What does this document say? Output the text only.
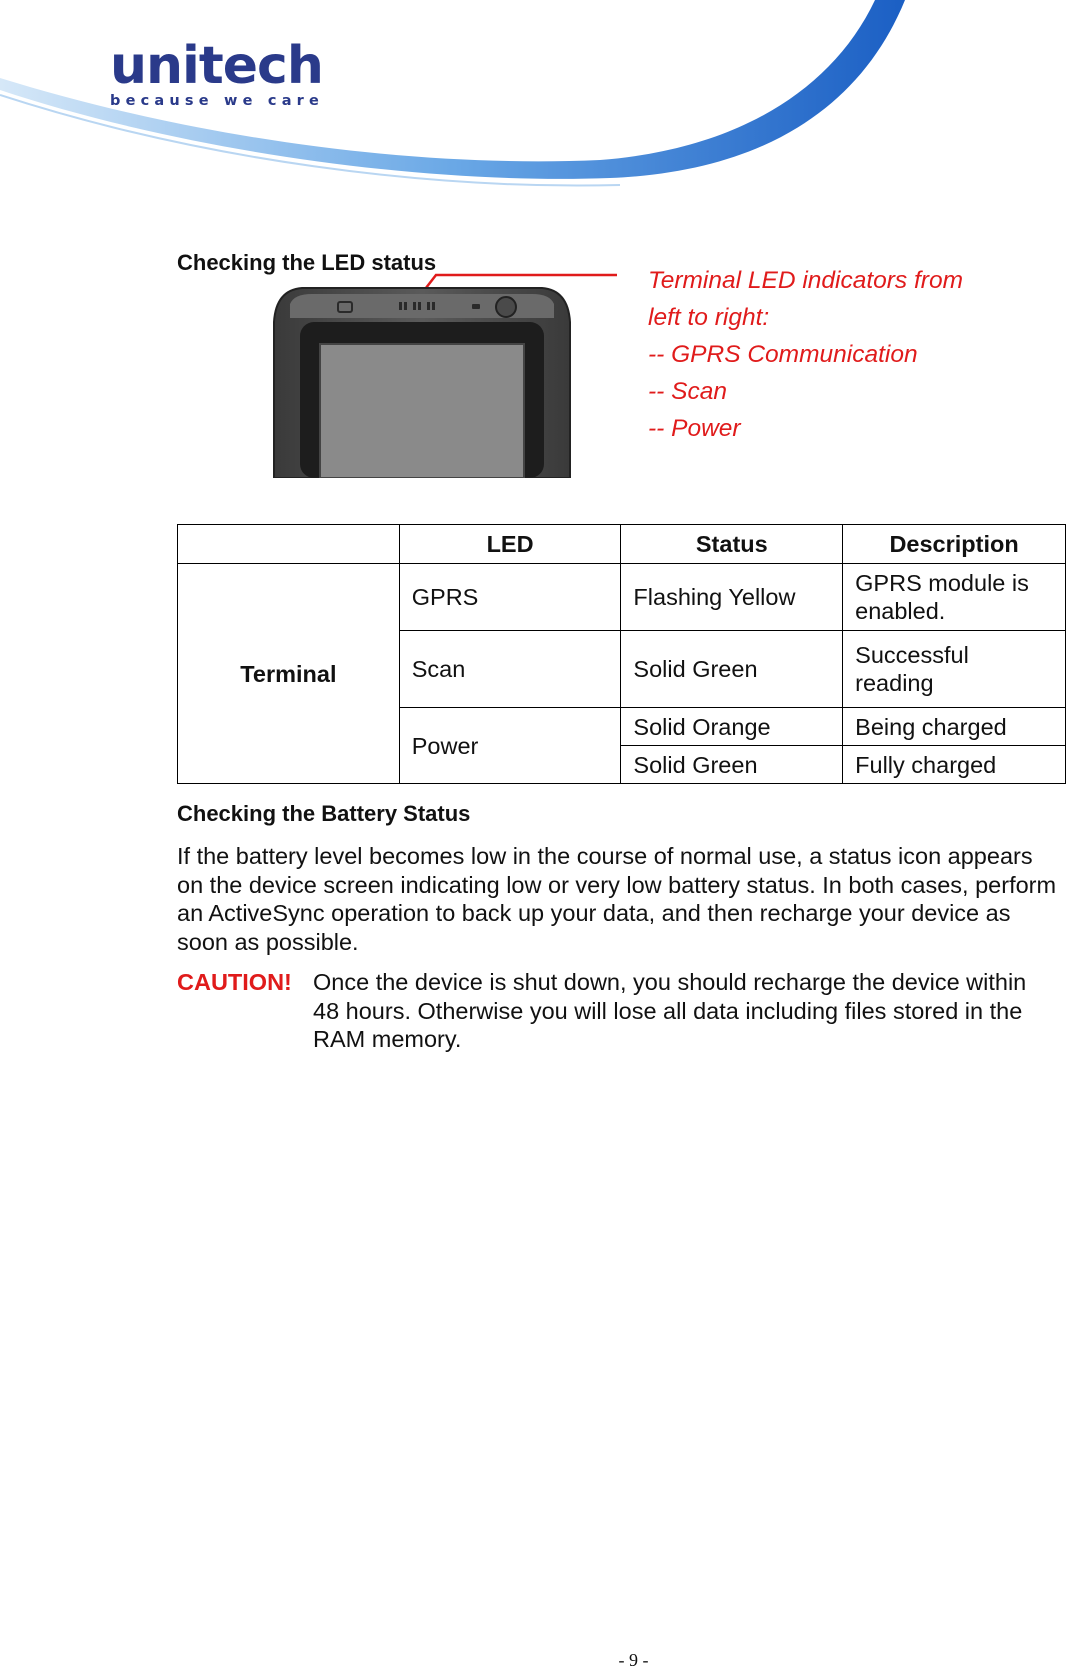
unitech
because we care
Checking the LED status
Terminal LED indicators from
left to right:
-- GPRS Communication
-- Scan
-- Power
	LED	Status	Description
Terminal	GPRS	Flashing Yellow	GPRS module is enabled.
	Scan	Solid Green	Successful reading
	Power	Solid Orange	Being charged
		Solid Green	Fully charged
Checking the Battery Status
If the battery level becomes low in the course of normal use, a status icon appears on the device screen indicating low or very low battery status. In both cases, perform an ActiveSync operation to back up your data, and then recharge your device as soon as possible.
CAUTION! Once the device is shut down, you should recharge the device within 48 hours. Otherwise you will lose all data including files stored in the RAM memory.
- 9 -
